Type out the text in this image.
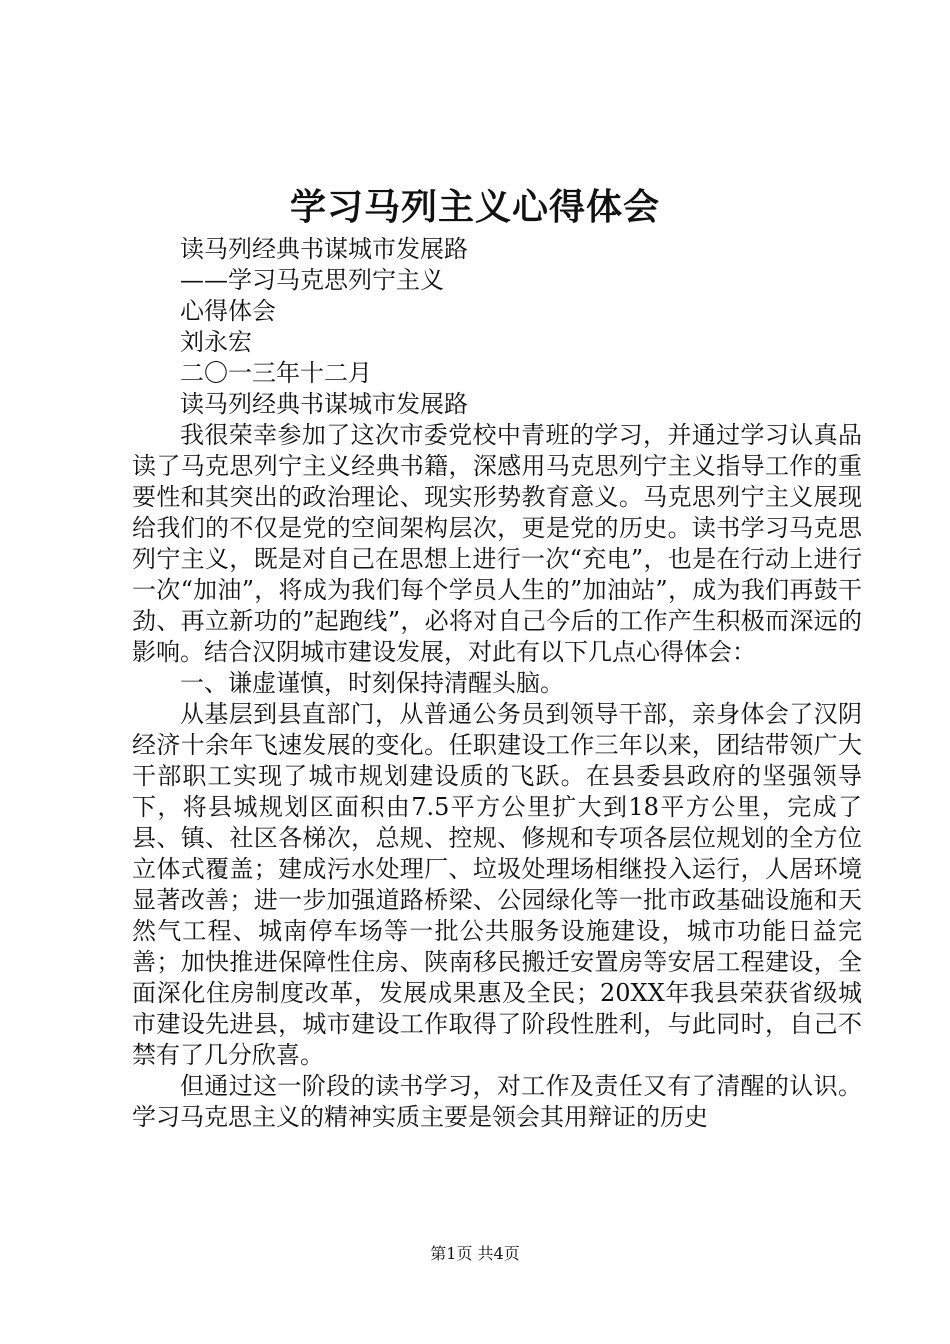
学习马列主义心得体会
读马列经典书谋城市发展路
——学习马克思列宁主义
心得体会
刘永宏
二〇一三年十二月
读马列经典书谋城市发展路

我很荣幸参加了这次市委党校中青班的学习，并通过学习认真品读了马克思列宁主义经典书籍，深感用马克思列宁主义指导工作的重要性和其突出的政治理论、现实形势教育意义。马克思列宁主义展现给我们的不仅是党的空间架构层次，更是党的历史。读书学习马克思列宁主义，既是对自己在思想上进行一次“充电”，也是在行动上进行一次“加油”，将成为我们每个学员人生的”加油站”，成为我们再鼓干劲、再立新功的”起跑线”，必将对自己今后的工作产生积极而深远的影响。结合汉阴城市建设发展，对此有以下几点心得体会：

一、谦虚谨慎，时刻保持清醒头脑。

从基层到县直部门，从普通公务员到领导干部，亲身体会了汉阴经济十余年飞速发展的变化。任职建设工作三年以来，团结带领广大干部职工实现了城市规划建设质的飞跃。在县委县政府的坚强领导下，将县城规划区面积由7.5平方公里扩大到18平方公里，完成了县、镇、社区各梯次，总规、控规、修规和专项各层位规划的全方位立体式覆盖；建成污水处理厂、垃圾处理场相继投入运行，人居环境显著改善；进一步加强道路桥梁、公园绿化等一批市政基础设施和天然气工程、城南停车场等一批公共服务设施建设，城市功能日益完善；加快推进保障性住房、陕南移民搬迁安置房等安居工程建设，全面深化住房制度改革，发展成果惠及全民；20XX年我县荣获省级城市建设先进县，城市建设工作取得了阶段性胜利，与此同时，自己不禁有了几分欣喜。

但通过这一阶段的读书学习，对工作及责任又有了清醒的认识。学习马克思主义的精神实质主要是领会其用辩证的历史

第1页 共4页
